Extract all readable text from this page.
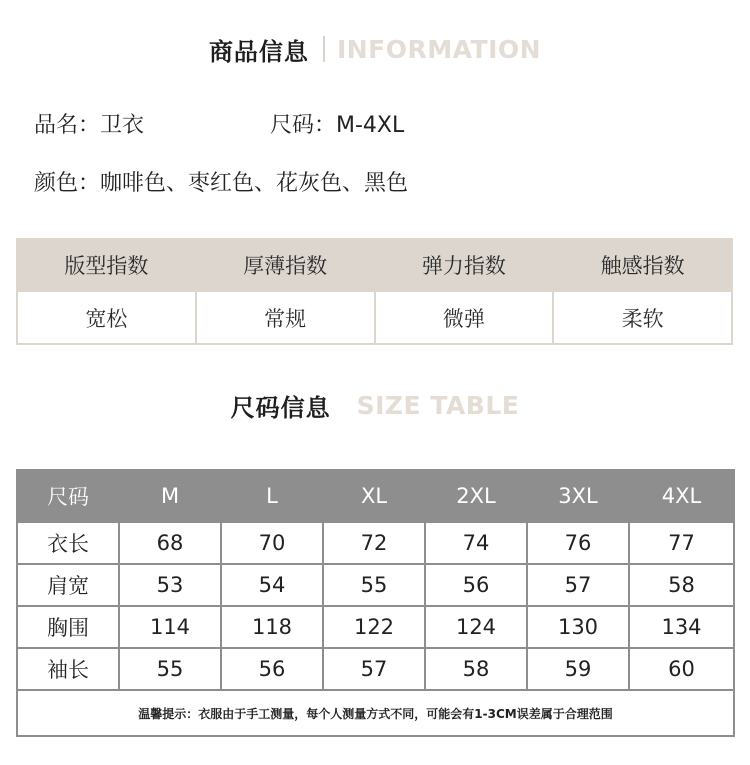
商品信息 INFORMATION
品名：卫衣	尺码：M-4XL
颜色：咖啡色、枣红色、花灰色、黑色
版型指数	厚薄指数	弹力指数	触感指数
宽松	常规	微弹	柔软
尺码信息 SIZE TABLE
尺码	M	L	XL	2XL	3XL	4XL
衣长	68	70	72	74	76	77
肩宽	53	54	55	56	57	58
胸围	114	118	122	124	130	134
袖长	55	56	57	58	59	60
温馨提示：衣服由于手工测量，每个人测量方式不同，可能会有1-3CM误差属于合理范围						
